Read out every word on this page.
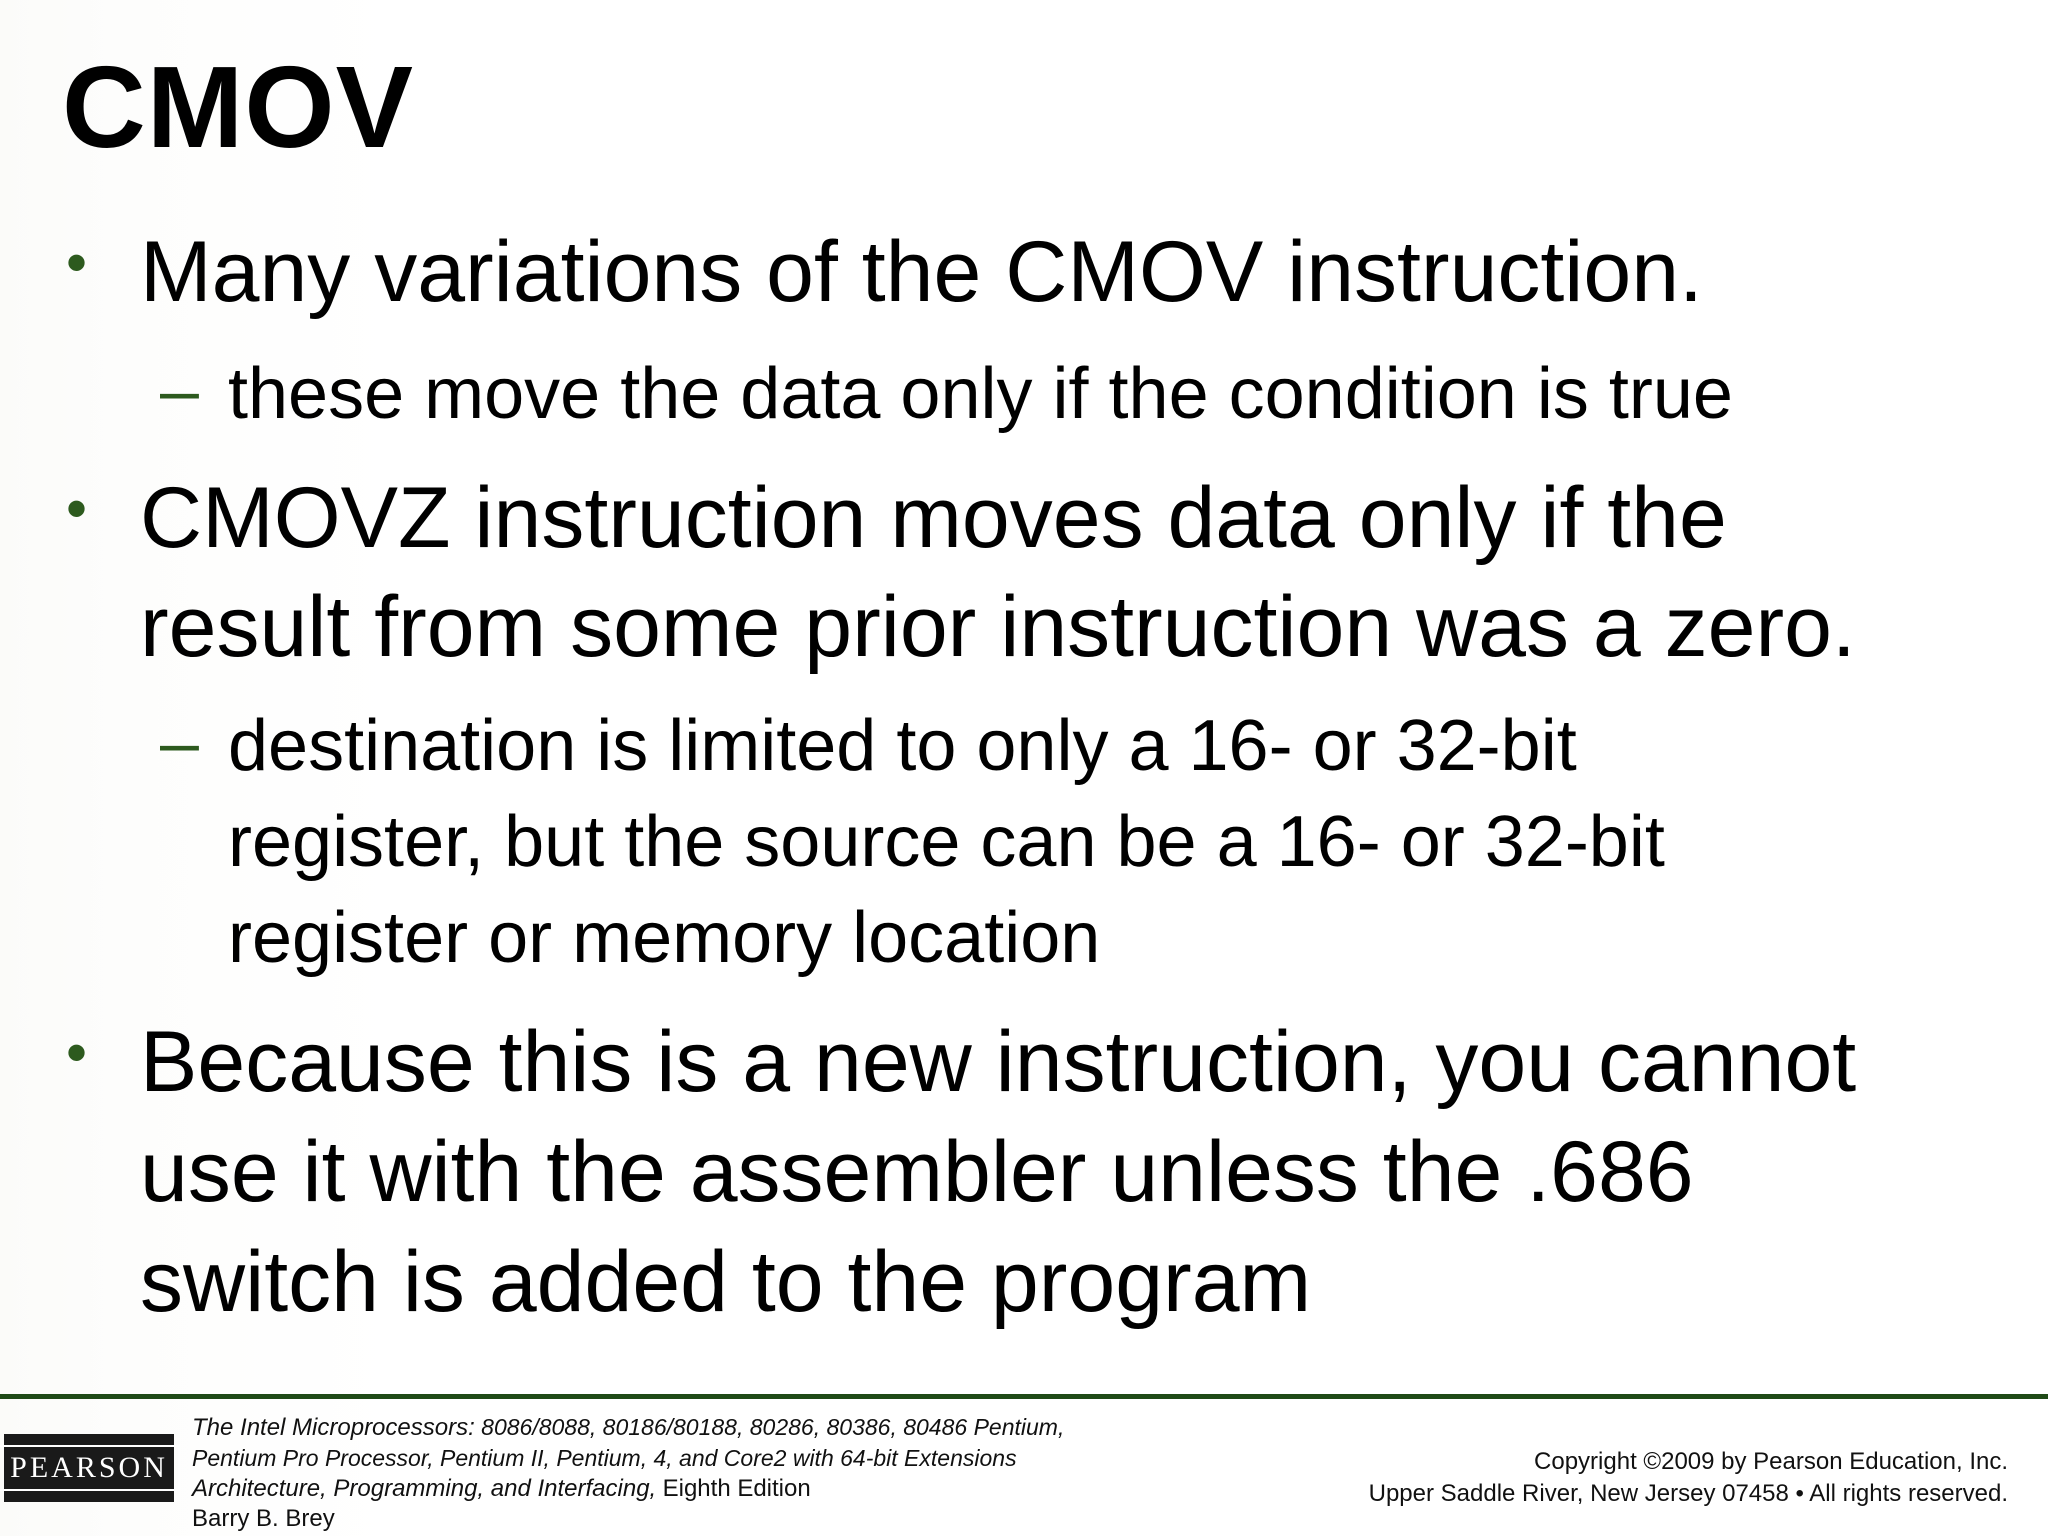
CMOV
• Many variations of the CMOV instruction.
– these move the data only if the condition is true
• CMOVZ instruction moves data only if the
result from some prior instruction was a zero.
– destination is limited to only a 16- or 32-bit
register, but the source can be a 16- or 32-bit
register or memory location
• Because this is a new instruction, you cannot
use it with the assembler unless the .686
switch is added to the program
PEARSON
The Intel Microprocessors: 8086/8088, 80186/80188, 80286, 80386, 80486 Pentium,
Pentium Pro Processor, Pentium II, Pentium, 4, and Core2 with 64-bit Extensions
Architecture, Programming, and Interfacing, Eighth Edition
Barry B. Brey
Copyright ©2009 by Pearson Education, Inc.
Upper Saddle River, New Jersey 07458 • All rights reserved.
